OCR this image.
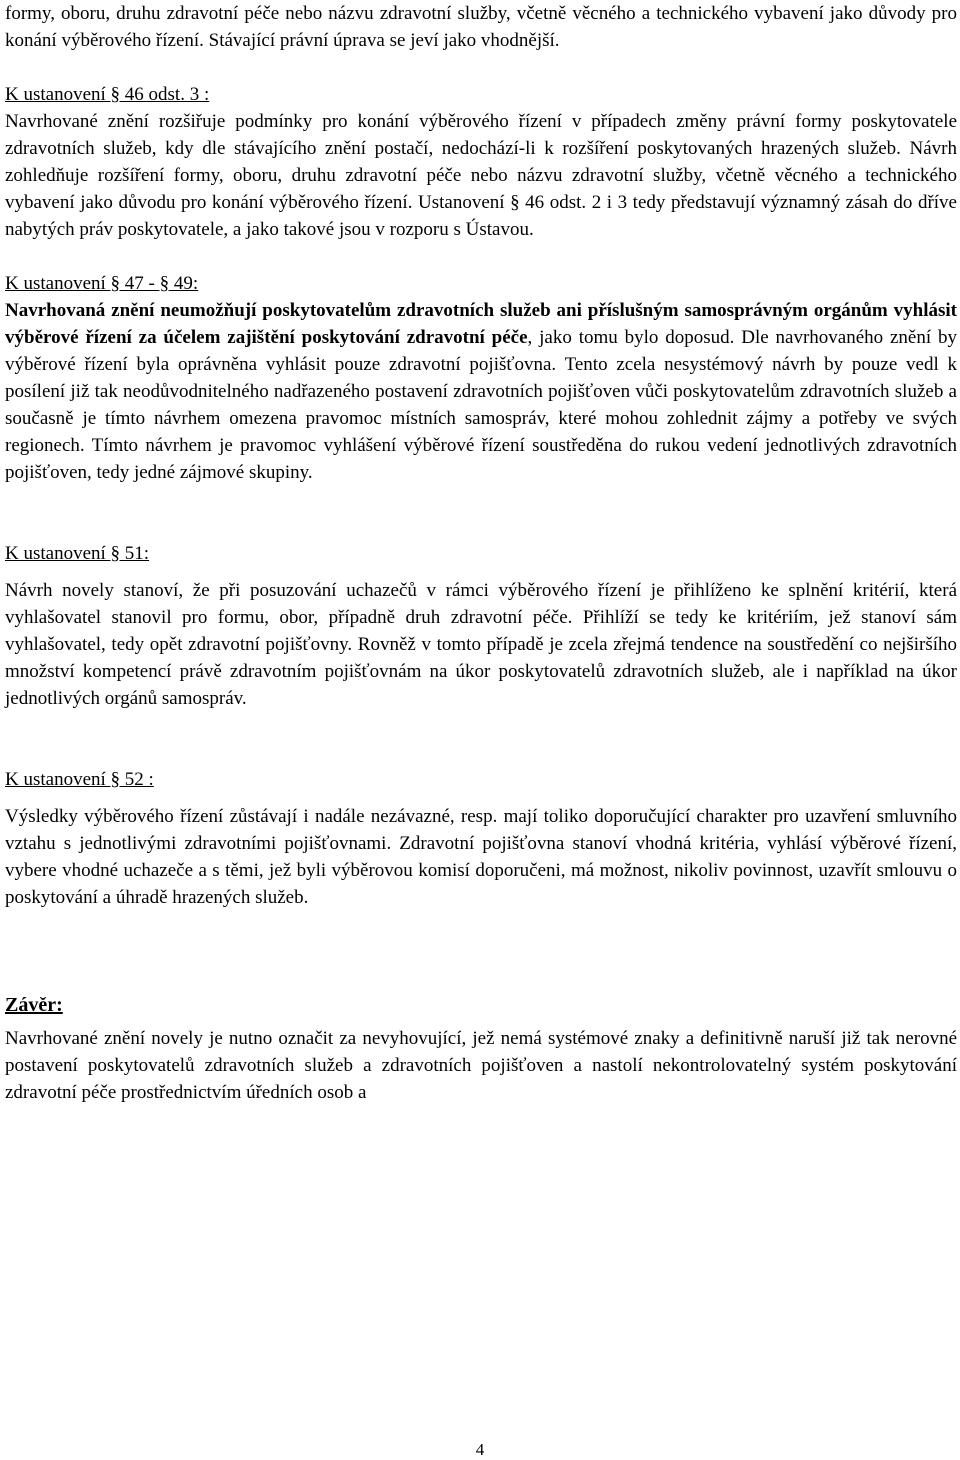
formy, oboru, druhu zdravotní péče nebo názvu zdravotní služby, včetně věcného a technického vybavení jako důvody pro konání výběrového řízení. Stávající právní úprava se jeví jako vhodnější.

K ustanovení § 46 odst. 3 :

Navrhované znění rozšiřuje podmínky pro konání výběrového řízení v případech změny právní formy poskytovatele zdravotních služeb, kdy dle stávajícího znění postačí, nedochází-li k rozšíření poskytovaných hrazených služeb. Návrh zohledňuje rozšíření formy, oboru, druhu zdravotní péče nebo názvu zdravotní služby, včetně věcného a technického vybavení jako důvodu pro konání výběrového řízení. Ustanovení § 46 odst. 2 i 3 tedy představují významný zásah do dříve nabytých práv poskytovatele, a jako takové jsou v rozporu s Ústavou.

K ustanovení § 47 - § 49:

Navrhovaná znění neumožňují poskytovatelům zdravotních služeb ani příslušným samosprávným orgánům vyhlásit výběrové řízení za účelem zajištění poskytování zdravotní péče, jako tomu bylo doposud. Dle navrhovaného znění by výběrové řízení byla oprávněna vyhlásit pouze zdravotní pojišťovna. Tento zcela nesystémový návrh by pouze vedl k posílení již tak neodůvodnitelného nadřazeného postavení zdravotních pojišťoven vůči poskytovatelům zdravotních služeb a současně je tímto návrhem omezena pravomoc místních samospráv, které mohou zohlednit zájmy a potřeby ve svých regionech. Tímto návrhem je pravomoc vyhlášení výběrové řízení soustředěna do rukou vedení jednotlivých zdravotních pojišťoven, tedy jedné zájmové skupiny.

K ustanovení § 51:

Návrh novely stanoví, že při posuzování uchazečů v rámci výběrového řízení je přihlíženo ke splnění kritérií, která vyhlašovatel stanovil pro formu, obor, případně druh zdravotní péče. Přihlíží se tedy ke kritériím, jež stanoví sám vyhlašovatel, tedy opět zdravotní pojišťovny. Rovněž v tomto případě je zcela zřejmá tendence na soustředění co nejširšího množství kompetencí právě zdravotním pojišťovnám na úkor poskytovatelů zdravotních služeb, ale i například na úkor jednotlivých orgánů samospráv.

K ustanovení § 52 :

Výsledky výběrového řízení zůstávají i nadále nezávazné, resp. mají toliko doporučující charakter pro uzavření smluvního vztahu s jednotlivými zdravotními pojišťovnami. Zdravotní pojišťovna stanoví vhodná kritéria, vyhlásí výběrové řízení, vybere vhodné uchazeče a s těmi, jež byli výběrovou komisí doporučeni, má možnost, nikoliv povinnost, uzavřít smlouvu o poskytování a úhradě hrazených služeb.

Závěr:

Navrhované znění novely je nutno označit za nevyhovující, jež nemá systémové znaky a definitivně naruší již tak nerovné postavení poskytovatelů zdravotních služeb a zdravotních pojišťoven a nastolí nekontrolovatelný systém poskytování zdravotní péče prostřednictvím úředních osob a

4
